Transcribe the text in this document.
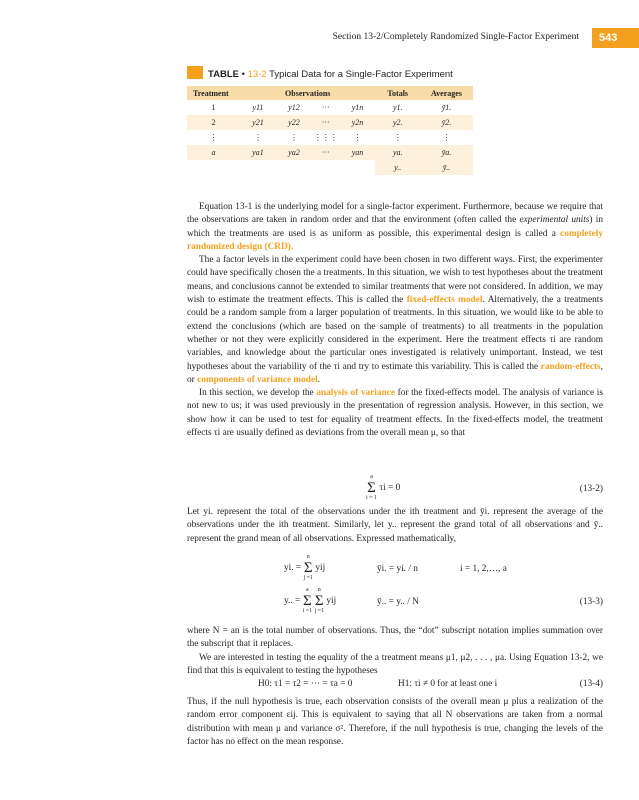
Section 13-2/Completely Randomized Single-Factor Experiment	543
TABLE • 13-2 Typical Data for a Single-Factor Experiment
Treatment	Observations				Totals	Averages
1	y11	y12	···	y1n	y1.	ȳ1.
2	y21	y22	···	y2n	y2.	ȳ2.
⋮	⋮	⋮	⋮⋮⋮	⋮	⋮	⋮
a	ya1	ya2	···	yan	ya.	ȳa.
					y..	ȳ..

Equation 13-1 is the underlying model for a single-factor experiment. Furthermore, because we require that the observations are taken in random order and that the environment (often called the experimental units) in which the treatments are used is as uniform as possible, this experimental design is called a completely randomized design (CRD).

The a factor levels in the experiment could have been chosen in two different ways. First, the experimenter could have specifically chosen the a treatments. In this situation, we wish to test hypotheses about the treatment means, and conclusions cannot be extended to similar treatments that were not considered. In addition, we may wish to estimate the treatment effects. This is called the fixed-effects model. Alternatively, the a treatments could be a random sample from a larger population of treatments. In this situation, we would like to be able to extend the conclusions (which are based on the sample of treatments) to all treatments in the population whether or not they were explicitly considered in the experiment. Here the treatment effects τi are random variables, and knowledge about the particular ones investigated is relatively unimportant. Instead, we test hypotheses about the variability of the τi and try to estimate this variability. This is called the random-effects, or components of variance model.

In this section, we develop the analysis of variance for the fixed-effects model. The analysis of variance is not new to us; it was used previously in the presentation of regression analysis. However, in this section, we show how it can be used to test for equality of treatment effects. In the fixed-effects model, the treatment effects τi are usually defined as deviations from the overall mean μ, so that

a
Σ
i = 1
τi = 0	(13-2)

Let yi. represent the total of the observations under the ith treatment and ȳi. represent the average of the observations under the ith treatment. Similarly, let y.. represent the grand total of all observations and ȳ.. represent the grand mean of all observations. Expressed mathematically,

yi. =
n
Σ
j =1
yij	ȳi. = yi. / n	i = 1, 2,…, a
y.. =
a
Σ
i =1

n
Σ
j =1
yij	ȳ.. = y.. / N	(13-3)

where N = an is the total number of observations. Thus, the “dot” subscript notation implies summation over the subscript that it replaces.

We are interested in testing the equality of the a treatment means μ1, μ2, . . . , μa. Using Equation 13-2, we find that this is equivalent to testing the hypotheses

H0: τ1 = τ2 = ··· = τa = 0	H1: τi ≠ 0 for at least one i	(13-4)

Thus, if the null hypothesis is true, each observation consists of the overall mean μ plus a realization of the random error component εij. This is equivalent to saying that all N observations are taken from a normal distribution with mean μ and variance σ². Therefore, if the null hypothesis is true, changing the levels of the factor has no effect on the mean response.
